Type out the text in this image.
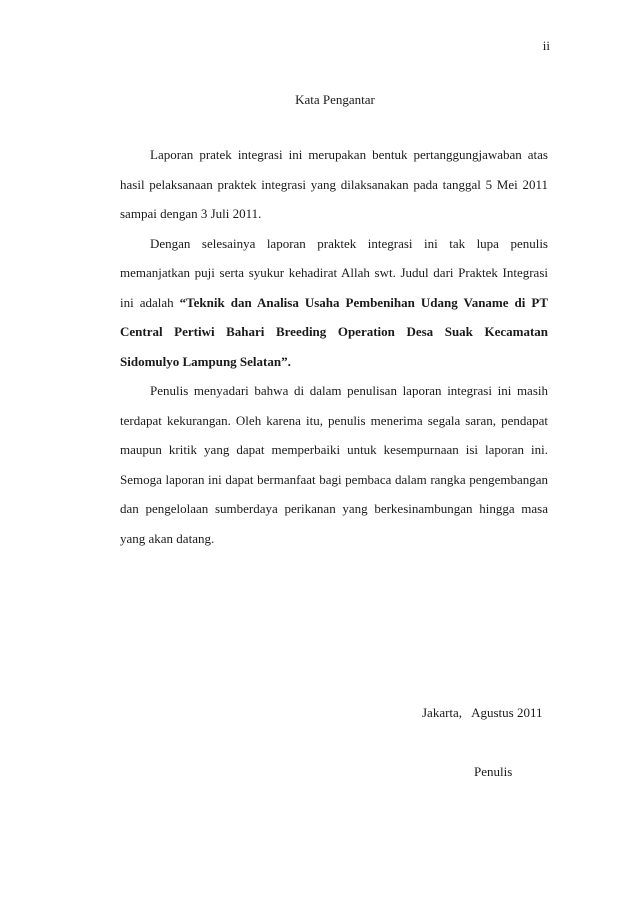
ii
Kata Pengantar

Laporan pratek integrasi ini merupakan bentuk pertanggungjawaban atas hasil pelaksanaan praktek integrasi yang dilaksanakan pada tanggal 5 Mei 2011 sampai dengan 3 Juli 2011.

Dengan selesainya laporan praktek integrasi ini tak lupa penulis memanjatkan puji serta syukur kehadirat Allah swt. Judul dari Praktek Integrasi ini adalah “Teknik dan Analisa Usaha Pembenihan Udang Vaname di PT Central Pertiwi Bahari Breeding Operation Desa Suak Kecamatan Sidomulyo Lampung Selatan”.

Penulis menyadari bahwa di dalam penulisan laporan integrasi ini masih terdapat kekurangan. Oleh karena itu, penulis menerima segala saran, pendapat maupun kritik yang dapat memperbaiki untuk kesempurnaan isi laporan ini. Semoga laporan ini dapat bermanfaat bagi pembaca dalam rangka pengembangan dan pengelolaan sumberdaya perikanan yang berkesinambungan hingga masa yang akan datang.

Jakarta,   Agustus 2011
Penulis
